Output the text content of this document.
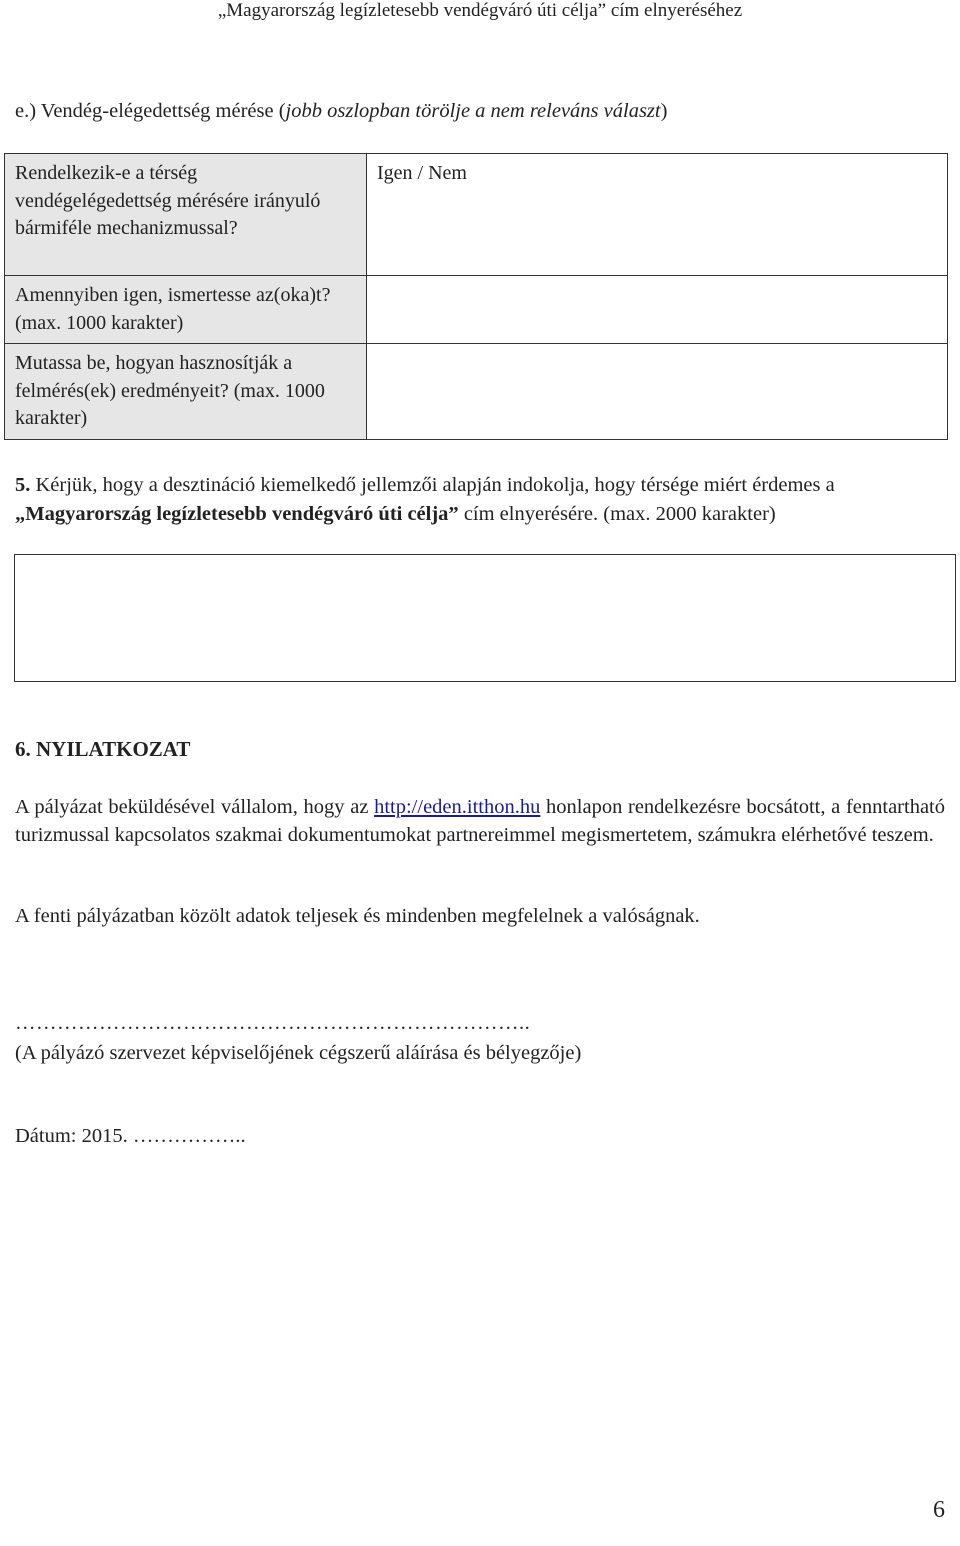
„Magyarország legízletesebb vendégváró úti célja” cím elnyeréséhez
e.) Vendég-elégedettség mérése (jobb oszlopban törölje a nem releváns választ)
Rendelkezik-e a térség vendégelégedettség mérésére irányuló bármiféle mechanizmussal?	Igen / Nem
Amennyiben igen, ismertesse az(oka)t? (max. 1000 karakter)	
Mutassa be, hogyan hasznosítják a felmérés(ek) eredményeit? (max. 1000 karakter)	
5. Kérjük, hogy a desztináció kiemelkedő jellemzői alapján indokolja, hogy térsége miért érdemes a „Magyarország legízletesebb vendégváró úti célja” cím elnyerésére. (max. 2000 karakter)
6. NYILATKOZAT
A pályázat beküldésével vállalom, hogy az http://eden.itthon.hu honlapon rendelkezésre bocsátott, a fenntartható turizmussal kapcsolatos szakmai dokumentumokat partnereimmel megismertetem, számukra elérhetővé teszem.
A fenti pályázatban közölt adatok teljesek és mindenben megfelelnek a valóságnak.
………………………………………………………………..
(A pályázó szervezet képviselőjének cégszerű aláírása és bélyegzője)
Dátum: 2015. ……………..
6
